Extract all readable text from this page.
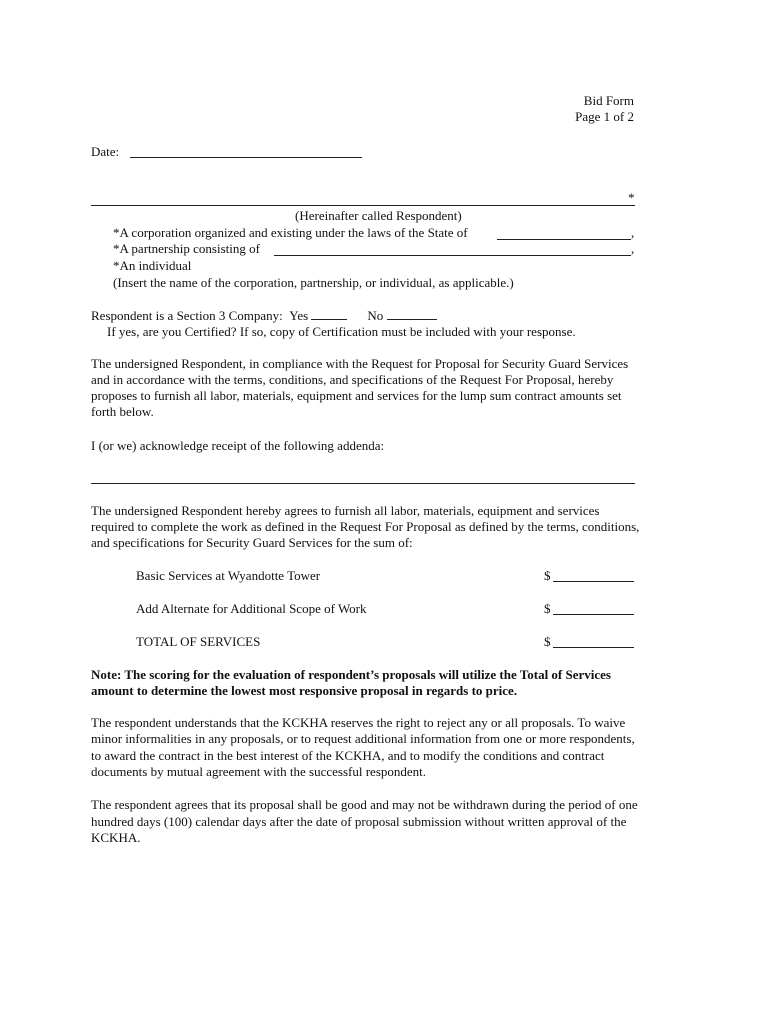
Bid Form
Page 1 of 2
Date:
*
(Hereinafter called Respondent)
*A corporation organized and existing under the laws of the State of	,
*A partnership consisting of	,
*An individual
(Insert the name of the corporation, partnership, or individual, as applicable.)
Respondent is a Section 3 Company: Yes	No
If yes, are you Certified? If so, copy of Certification must be included with your response.
The undersigned Respondent, in compliance with the Request for Proposal for Security Guard Services
and in accordance with the terms, conditions, and specifications of the Request For Proposal, hereby
proposes to furnish all labor, materials, equipment and services for the lump sum contract amounts set
forth below.
I (or we) acknowledge receipt of the following addenda:
The undersigned Respondent hereby agrees to furnish all labor, materials, equipment and services
required to complete the work as defined in the Request For Proposal as defined by the terms, conditions,
and specifications for Security Guard Services for the sum of:
Basic Services at Wyandotte Tower	$
Add Alternate for Additional Scope of Work	$
TOTAL OF SERVICES	$
Note: The scoring for the evaluation of respondent’s proposals will utilize the Total of Services
amount to determine the lowest most responsive proposal in regards to price.
The respondent understands that the KCKHA reserves the right to reject any or all proposals. To waive
minor informalities in any proposals, or to request additional information from one or more respondents,
to award the contract in the best interest of the KCKHA, and to modify the conditions and contract
documents by mutual agreement with the successful respondent.
The respondent agrees that its proposal shall be good and may not be withdrawn during the period of one
hundred days (100) calendar days after the date of proposal submission without written approval of the
KCKHA.
